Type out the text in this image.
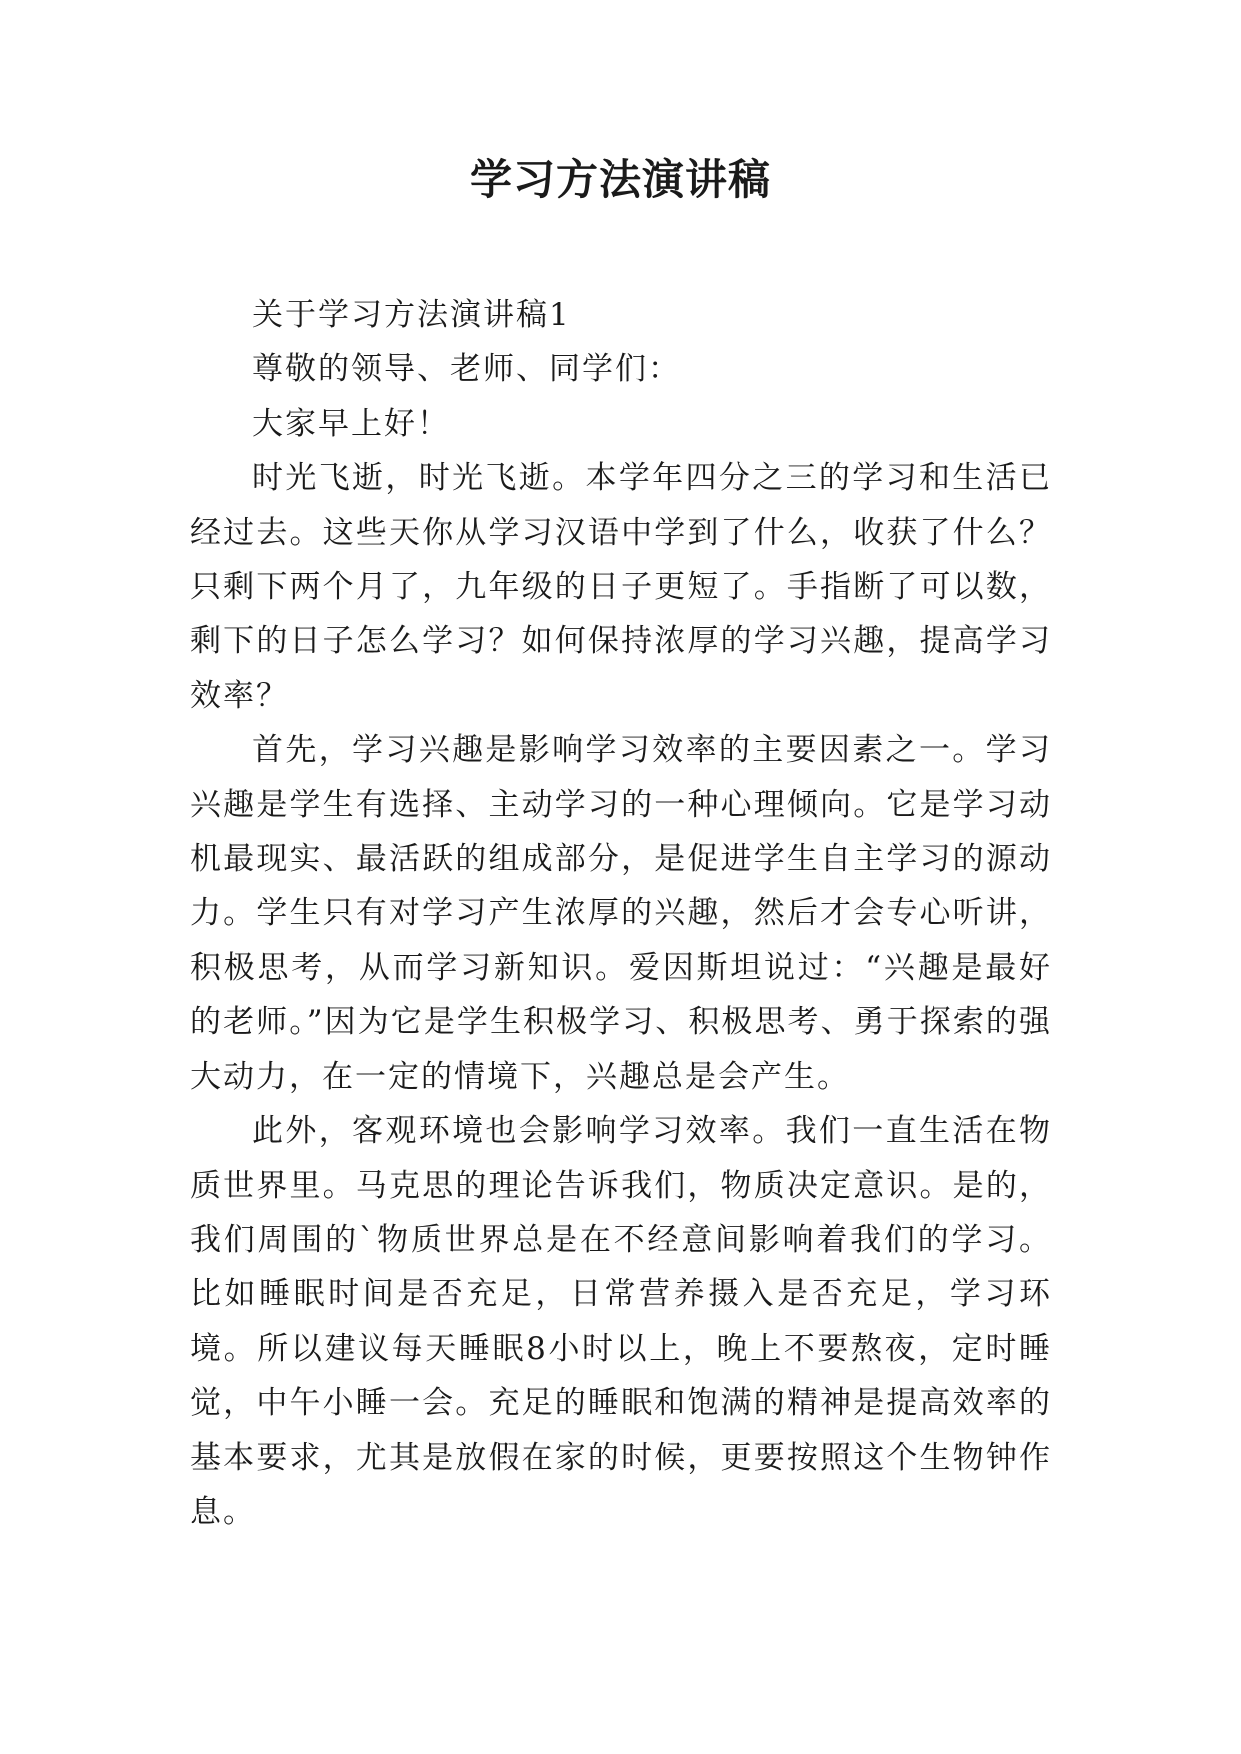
学习方法演讲稿

关于学习方法演讲稿1

尊敬的领导、老师、同学们：

大家早上好！

时光飞逝，时光飞逝。本学年四分之三的学习和生活已经过去。这些天你从学习汉语中学到了什么，收获了什么？只剩下两个月了，九年级的日子更短了。手指断了可以数，剩下的日子怎么学习？如何保持浓厚的学习兴趣，提高学习效率？

首先，学习兴趣是影响学习效率的主要因素之一。学习兴趣是学生有选择、主动学习的一种心理倾向。它是学习动机最现实、最活跃的组成部分，是促进学生自主学习的源动力。学生只有对学习产生浓厚的兴趣，然后才会专心听讲，积极思考，从而学习新知识。爱因斯坦说过：“兴趣是最好的老师。”因为它是学生积极学习、积极思考、勇于探索的强大动力，在一定的情境下，兴趣总是会产生。

此外，客观环境也会影响学习效率。我们一直生活在物质世界里。马克思的理论告诉我们，物质决定意识。是的，我们周围的`物质世界总是在不经意间影响着我们的学习。比如睡眠时间是否充足，日常营养摄入是否充足，学习环境。所以建议每天睡眠8小时以上，晚上不要熬夜，定时睡觉，中午小睡一会。充足的睡眠和饱满的精神是提高效率的基本要求，尤其是放假在家的时候，更要按照这个生物钟作息。
